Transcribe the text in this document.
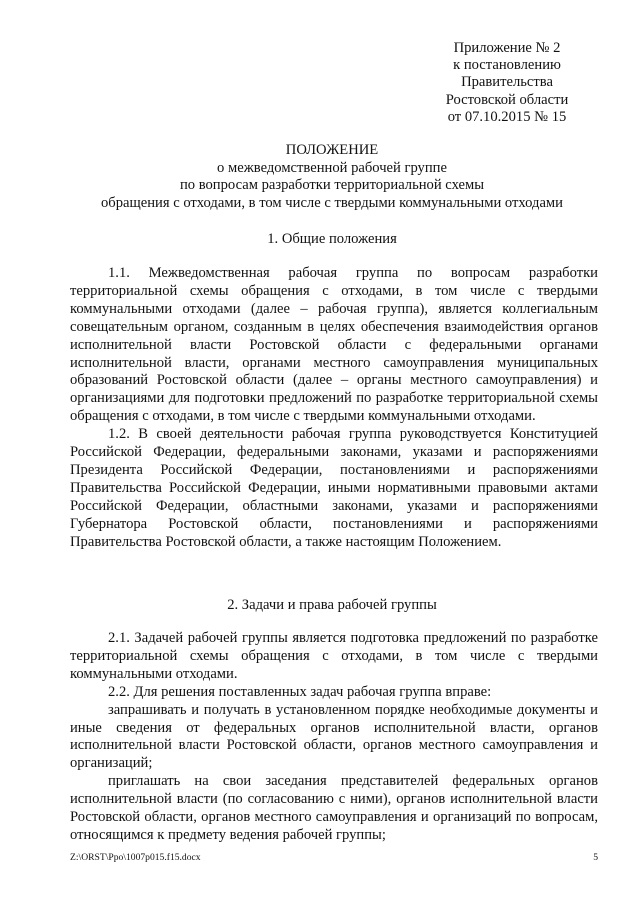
Приложение № 2
к постановлению
Правительства
Ростовской области
от 07.10.2015 № 15
ПОЛОЖЕНИЕ
о межведомственной рабочей группе
по вопросам разработки территориальной схемы
обращения с отходами, в том числе с твердыми коммунальными отходами
1. Общие положения

1.1. Межведомственная рабочая группа по вопросам разработки территориальной схемы обращения с отходами, в том числе с твердыми коммунальными отходами (далее – рабочая группа), является коллегиальным совещательным органом, созданным в целях обеспечения взаимодействия органов исполнительной власти Ростовской области с федеральными органами исполнительной власти, органами местного самоуправления муниципальных образований Ростовской области (далее – органы местного самоуправления) и организациями для подготовки предложений по разработке территориальной схемы обращения с отходами, в том числе с твердыми коммунальными отходами.

1.2. В своей деятельности рабочая группа руководствуется Конституцией Российской Федерации, федеральными законами, указами и распоряжениями Президента Российской Федерации, постановлениями и распоряжениями Правительства Российской Федерации, иными нормативными правовыми актами Российской Федерации, областными законами, указами и распоряжениями Губернатора Ростовской области, постановлениями и распоряжениями Правительства Ростовской области, а также настоящим Положением.

2. Задачи и права рабочей группы

2.1. Задачей рабочей группы является подготовка предложений по разработке территориальной схемы обращения с отходами, в том числе с твердыми коммунальными отходами.

2.2. Для решения поставленных задач рабочая группа вправе:

запрашивать и получать в установленном порядке необходимые документы и иные сведения от федеральных органов исполнительной власти, органов исполнительной власти Ростовской области, органов местного самоуправления и организаций;

приглашать на свои заседания представителей федеральных органов исполнительной власти (по согласованию с ними), органов исполнительной власти Ростовской области, органов местного самоуправления и организаций по вопросам, относящимся к предмету ведения рабочей группы;

Z:\ORST\Ppo\1007p015.f15.docx	5
